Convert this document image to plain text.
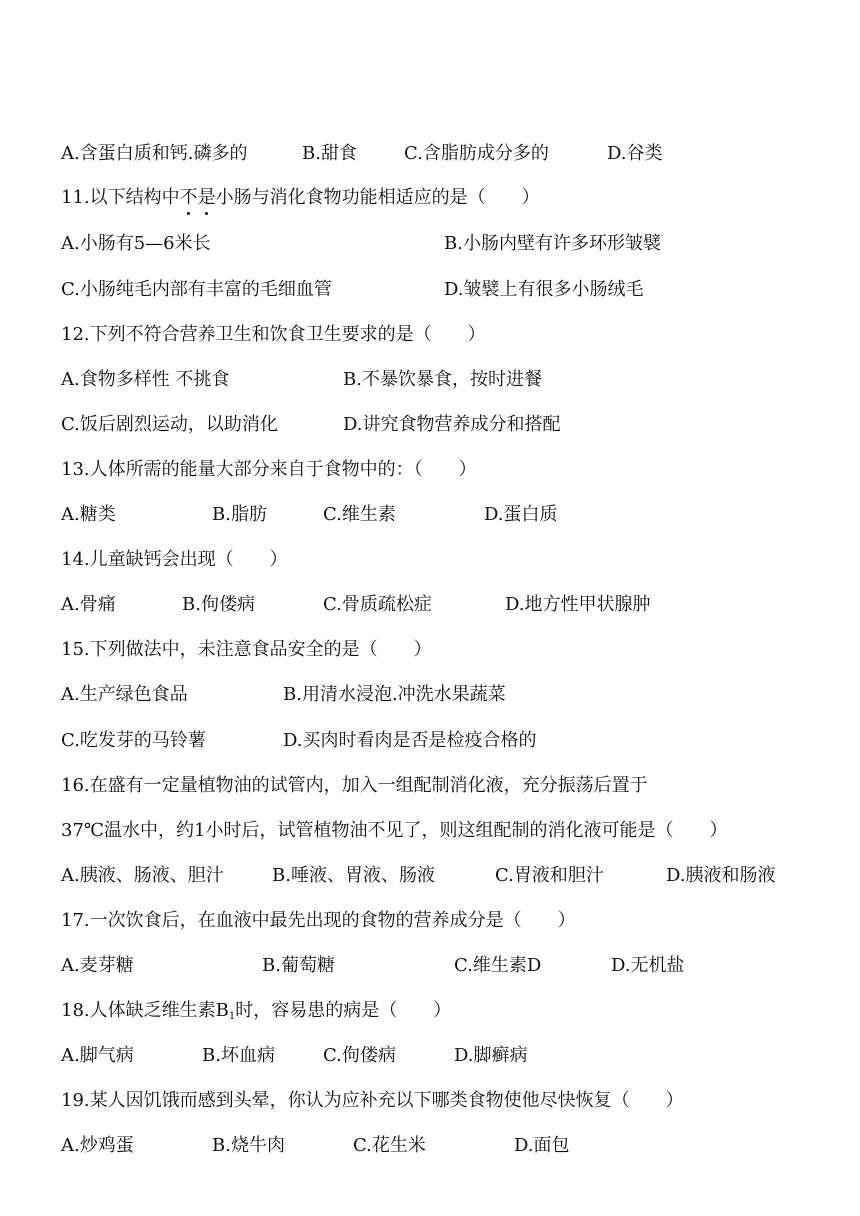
A.含蛋白质和钙.磷多的	B.甜食	C.含脂肪成分多的	D.谷类
11.以下结构中不是小肠与消化食物功能相适应的是（　　）
A.小肠有5—6米长	B.小肠内壁有许多环形皱襞
C.小肠纯毛内部有丰富的毛细血管	D.皱襞上有很多小肠绒毛
12.下列不符合营养卫生和饮食卫生要求的是（　　）
A.食物多样性 不挑食	B.不暴饮暴食，按时进餐
C.饭后剧烈运动，以助消化	D.讲究食物营养成分和搭配
13.人体所需的能量大部分来自于食物中的：（　　）
A.糖类	B.脂肪	C.维生素	D.蛋白质
14.儿童缺钙会出现（　　）
A.骨痛	B.佝偻病	C.骨质疏松症	D.地方性甲状腺肿
15.下列做法中，未注意食品安全的是（　　）
A.生产绿色食品	B.用清水浸泡.冲洗水果蔬菜
C.吃发芽的马铃薯	D.买肉时看肉是否是检疫合格的
16.在盛有一定量植物油的试管内，加入一组配制消化液，充分振荡后置于
37℃温水中，约1小时后，试管植物油不见了，则这组配制的消化液可能是（　　）
A.胰液、肠液、胆汁	B.唾液、胃液、肠液	C.胃液和胆汁	D.胰液和肠液
17.一次饮食后，在血液中最先出现的食物的营养成分是（　　）
A.麦芽糖	B.葡萄糖	C.维生素D	D.无机盐
18.人体缺乏维生素$B_1$时，容易患的病是（　　）
A.脚气病	B.坏血病	C.佝偻病	D.脚癣病
19.某人因饥饿而感到头晕，你认为应补充以下哪类食物使他尽快恢复（　　）
A.炒鸡蛋	B.烧牛肉	C.花生米	D.面包
